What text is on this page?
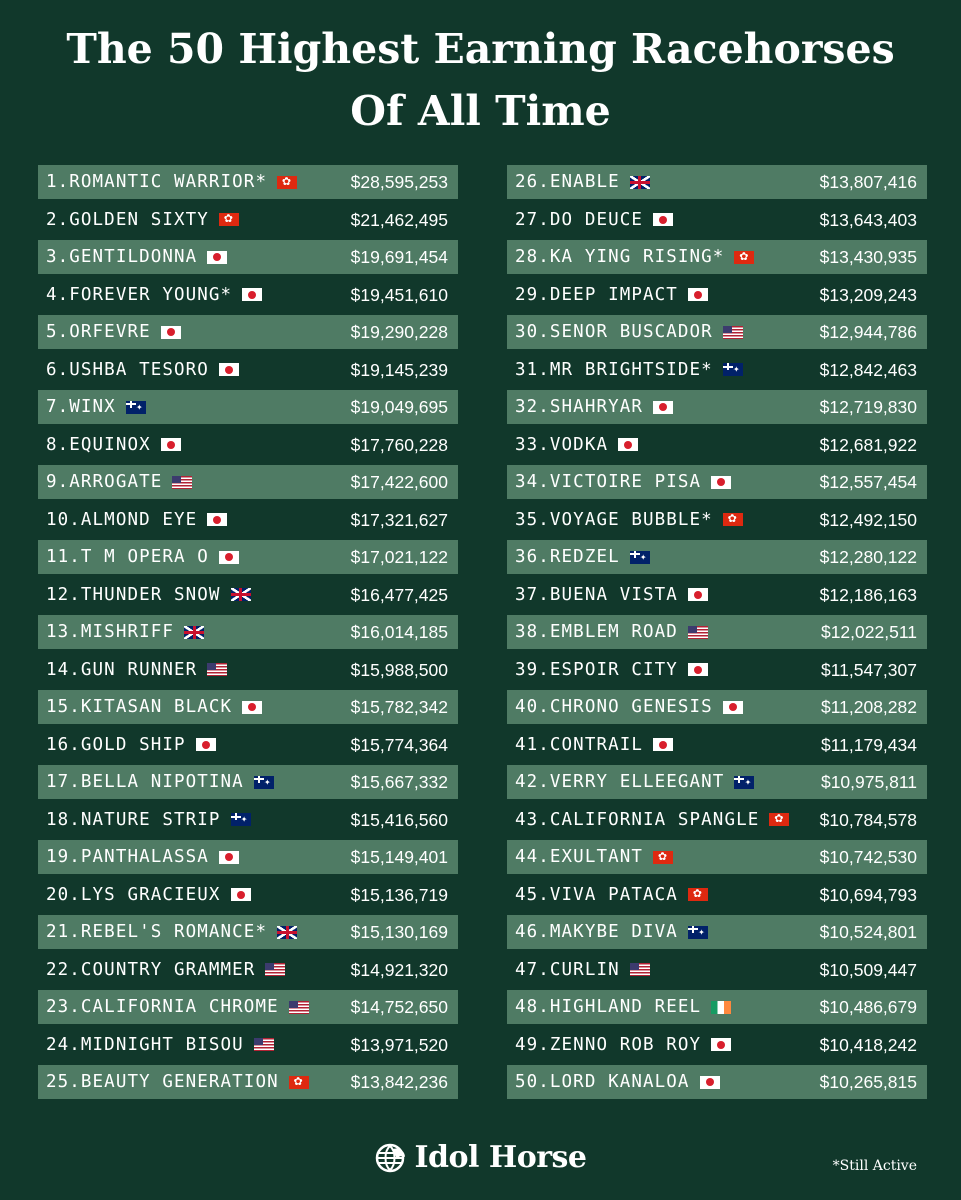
The 50 Highest Earning Racehorses
Of All Time
1.ROMANTIC WARRIOR* ✿	$28,595,253
2.GOLDEN SIXTY ✿	$21,462,495
3.GENTILDONNA	$19,691,454
4.FOREVER YOUNG*	$19,451,610
5.ORFEVRE	$19,290,228
6.USHBA TESORO	$19,145,239
7.WINX ✦	$19,049,695
8.EQUINOX	$17,760,228
9.ARROGATE	$17,422,600
10.ALMOND EYE	$17,321,627
11.T M OPERA O	$17,021,122
12.THUNDER SNOW	$16,477,425
13.MISHRIFF	$16,014,185
14.GUN RUNNER	$15,988,500
15.KITASAN BLACK	$15,782,342
16.GOLD SHIP	$15,774,364
17.BELLA NIPOTINA ✦	$15,667,332
18.NATURE STRIP ✦	$15,416,560
19.PANTHALASSA	$15,149,401
20.LYS GRACIEUX	$15,136,719
21.REBEL'S ROMANCE*	$15,130,169
22.COUNTRY GRAMMER	$14,921,320
23.CALIFORNIA CHROME	$14,752,650
24.MIDNIGHT BISOU	$13,971,520
25.BEAUTY GENERATION ✿	$13,842,236
26.ENABLE	$13,807,416
27.DO DEUCE	$13,643,403
28.KA YING RISING* ✿	$13,430,935
29.DEEP IMPACT	$13,209,243
30.SENOR BUSCADOR	$12,944,786
31.MR BRIGHTSIDE* ✦	$12,842,463
32.SHAHRYAR	$12,719,830
33.VODKA	$12,681,922
34.VICTOIRE PISA	$12,557,454
35.VOYAGE BUBBLE* ✿	$12,492,150
36.REDZEL ✦	$12,280,122
37.BUENA VISTA	$12,186,163
38.EMBLEM ROAD	$12,022,511
39.ESPOIR CITY	$11,547,307
40.CHRONO GENESIS	$11,208,282
41.CONTRAIL	$11,179,434
42.VERRY ELLEEGANT ✦	$10,975,811
43.CALIFORNIA SPANGLE ✿	$10,784,578
44.EXULTANT ✿	$10,742,530
45.VIVA PATACA ✿	$10,694,793
46.MAKYBE DIVA ✦	$10,524,801
47.CURLIN	$10,509,447
48.HIGHLAND REEL	$10,486,679
49.ZENNO ROB ROY	$10,418,242
50.LORD KANALOA	$10,265,815
Idol Horse	*Still Active
